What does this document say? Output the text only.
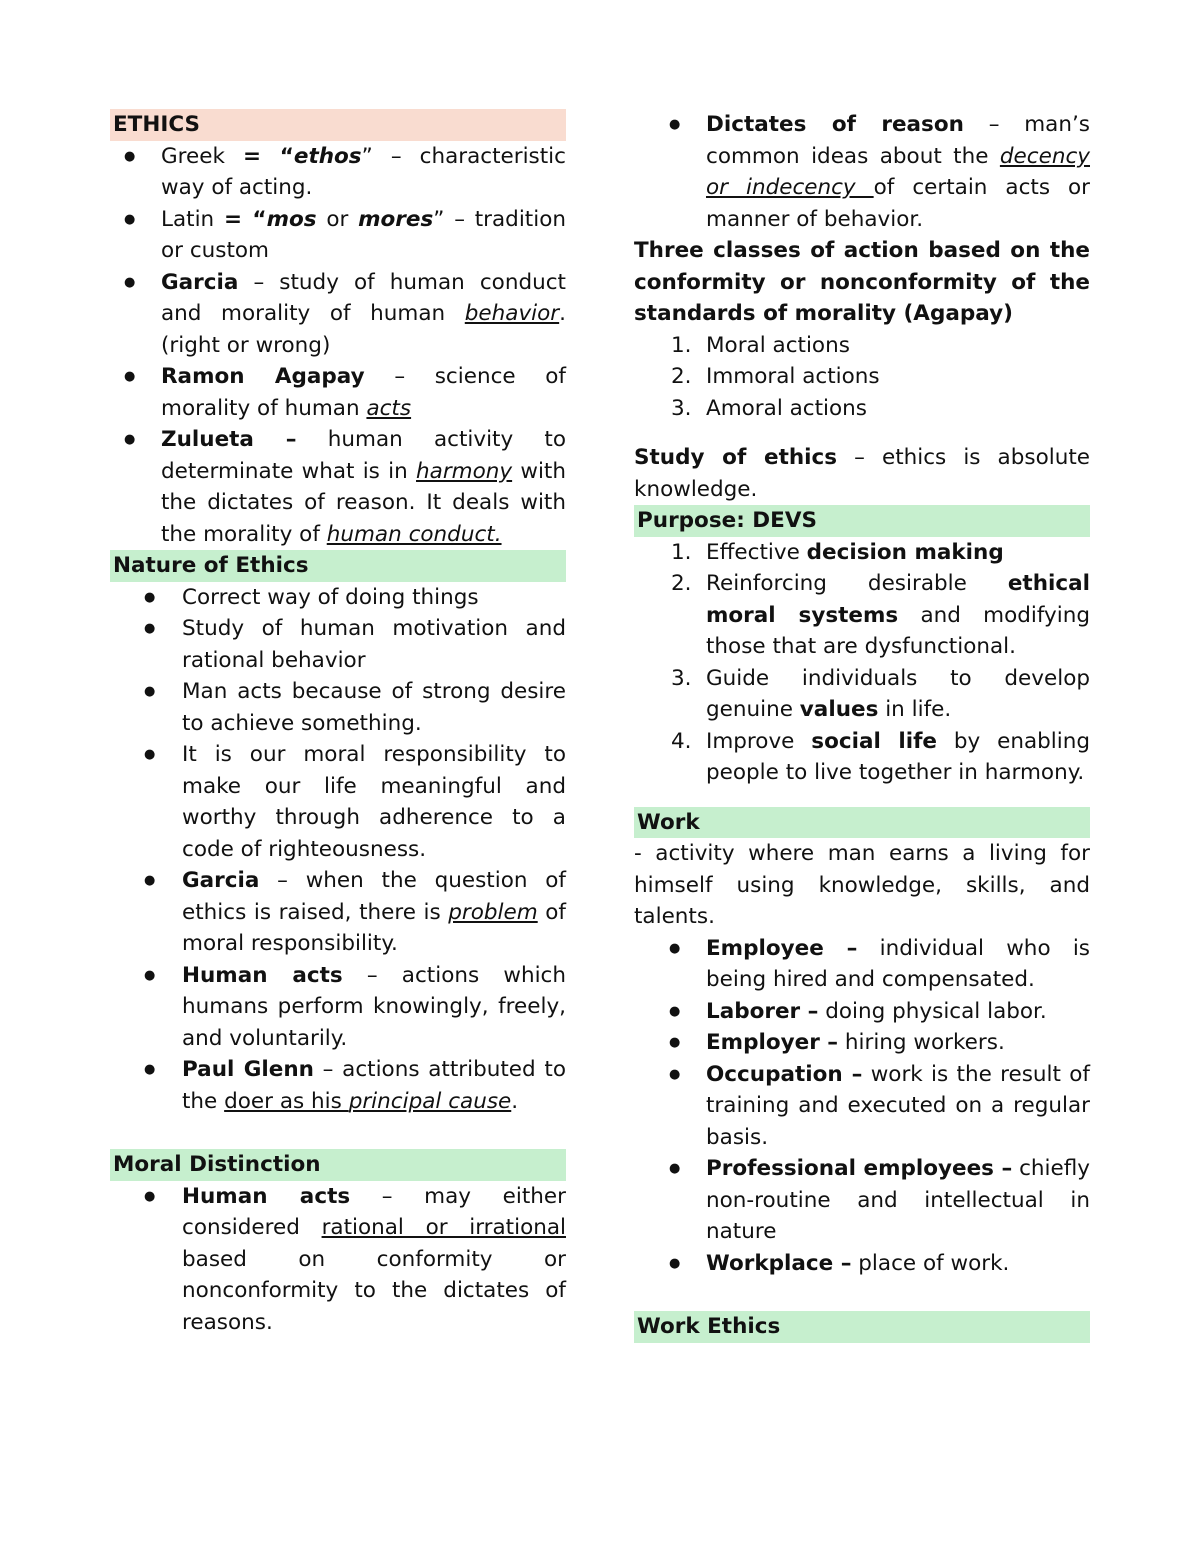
ETHICS
● Greek = “ethos” – characteristic way of acting.
● Latin = “mos or mores” – tradition or custom
● Garcia – study of human conduct and morality of human behavior. (right or wrong)
● Ramon Agapay – science of morality of human acts
● Zulueta – human activity to determinate what is in harmony with the dictates of reason. It deals with the morality of human conduct.
Nature of Ethics
● Correct way of doing things
● Study of human motivation and rational behavior
● Man acts because of strong desire to achieve something.
● It is our moral responsibility to make our life meaningful and worthy through adherence to a code of righteousness.
● Garcia – when the question of ethics is raised, there is problem of moral responsibility.
● Human acts – actions which humans perform knowingly, freely, and voluntarily.
● Paul Glenn – actions attributed to the doer as his principal cause.
Moral Distinction
● Human acts – may either considered rational or irrational based on conformity or nonconformity to the dictates of reasons.
● Dictates of reason – man’s common ideas about the decency or indecency of certain acts or manner of behavior.

Three classes of action based on the conformity or nonconformity of the standards of morality (Agapay)

1. Moral actions
2. Immoral actions
3. Amoral actions

Study of ethics – ethics is absolute knowledge.

Purpose: DEVS
1. Effective decision making
2. Reinforcing desirable ethical moral systems and modifying those that are dysfunctional.
3. Guide individuals to develop genuine values in life.
4. Improve social life by enabling people to live together in harmony.
Work

- activity where man earns a living for himself using knowledge, skills, and talents.

● Employee – individual who is being hired and compensated.
● Laborer – doing physical labor.
● Employer – hiring workers.
● Occupation – work is the result of training and executed on a regular basis.
● Professional employees – chiefly non-routine and intellectual in nature
● Workplace – place of work.
Work Ethics
